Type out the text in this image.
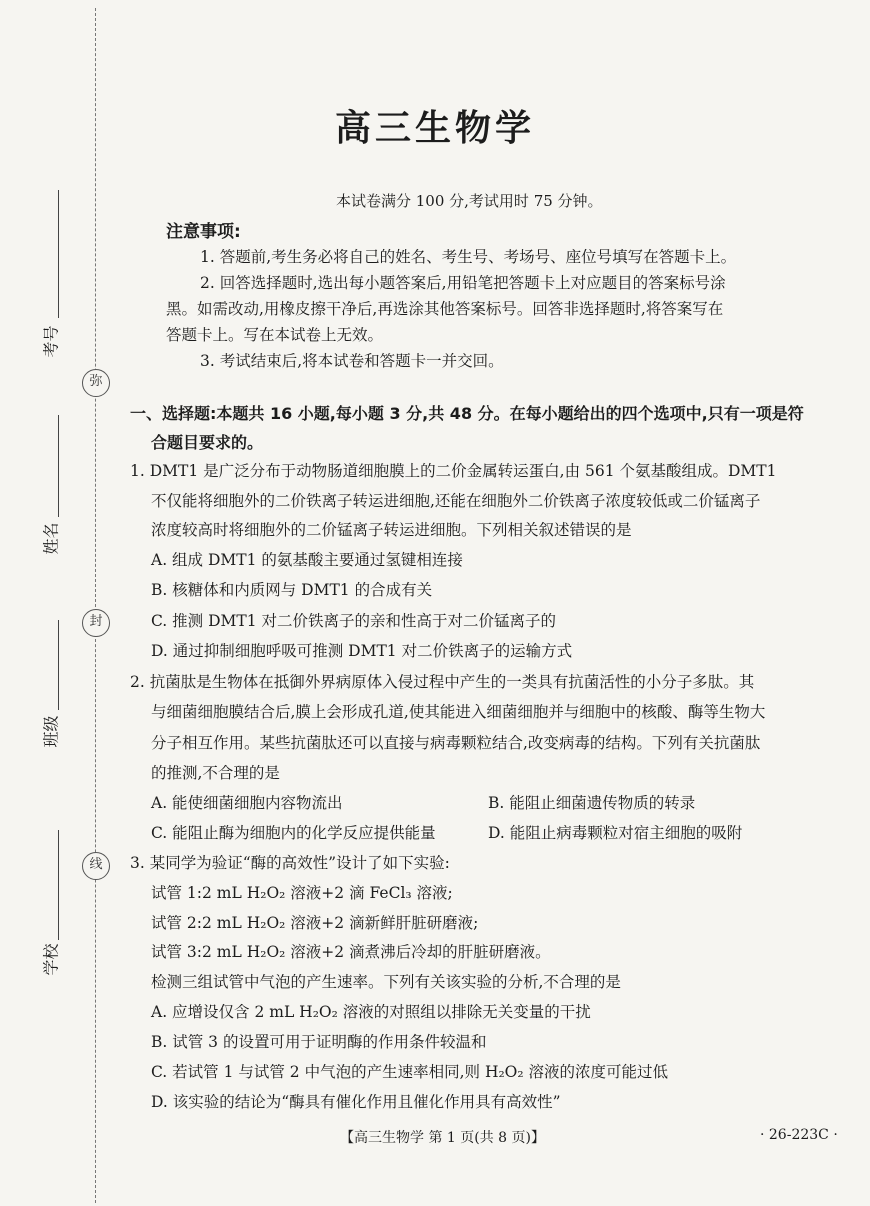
弥
封
线
考号
姓名
班级
学校
高三生物学
本试卷满分 100 分,考试用时 75 分钟。
注意事项:
1. 答题前,考生务必将自己的姓名、考生号、考场号、座位号填写在答题卡上。
2. 回答选择题时,选出每小题答案后,用铅笔把答题卡上对应题目的答案标号涂
黑。如需改动,用橡皮擦干净后,再选涂其他答案标号。回答非选择题时,将答案写在
答题卡上。写在本试卷上无效。
3. 考试结束后,将本试卷和答题卡一并交回。
一、选择题:本题共 16 小题,每小题 3 分,共 48 分。在每小题给出的四个选项中,只有一项是符
合题目要求的。
1. DMT1 是广泛分布于动物肠道细胞膜上的二价金属转运蛋白,由 561 个氨基酸组成。DMT1
不仅能将细胞外的二价铁离子转运进细胞,还能在细胞外二价铁离子浓度较低或二价锰离子
浓度较高时将细胞外的二价锰离子转运进细胞。下列相关叙述错误的是
A. 组成 DMT1 的氨基酸主要通过氢键相连接
B. 核糖体和内质网与 DMT1 的合成有关
C. 推测 DMT1 对二价铁离子的亲和性高于对二价锰离子的
D. 通过抑制细胞呼吸可推测 DMT1 对二价铁离子的运输方式
2. 抗菌肽是生物体在抵御外界病原体入侵过程中产生的一类具有抗菌活性的小分子多肽。其
与细菌细胞膜结合后,膜上会形成孔道,使其能进入细菌细胞并与细胞中的核酸、酶等生物大
分子相互作用。某些抗菌肽还可以直接与病毒颗粒结合,改变病毒的结构。下列有关抗菌肽
的推测,不合理的是
A. 能使细菌细胞内容物流出	B. 能阻止细菌遗传物质的转录
C. 能阻止酶为细胞内的化学反应提供能量	D. 能阻止病毒颗粒对宿主细胞的吸附
3. 某同学为验证“酶的高效性”设计了如下实验:
试管 1:2 mL H₂O₂ 溶液+2 滴 FeCl₃ 溶液;
试管 2:2 mL H₂O₂ 溶液+2 滴新鲜肝脏研磨液;
试管 3:2 mL H₂O₂ 溶液+2 滴煮沸后冷却的肝脏研磨液。
检测三组试管中气泡的产生速率。下列有关该实验的分析,不合理的是
A. 应增设仅含 2 mL H₂O₂ 溶液的对照组以排除无关变量的干扰
B. 试管 3 的设置可用于证明酶的作用条件较温和
C. 若试管 1 与试管 2 中气泡的产生速率相同,则 H₂O₂ 溶液的浓度可能过低
D. 该实验的结论为“酶具有催化作用且催化作用具有高效性”
【高三生物学 第 1 页(共 8 页)】	· 26-223C ·
